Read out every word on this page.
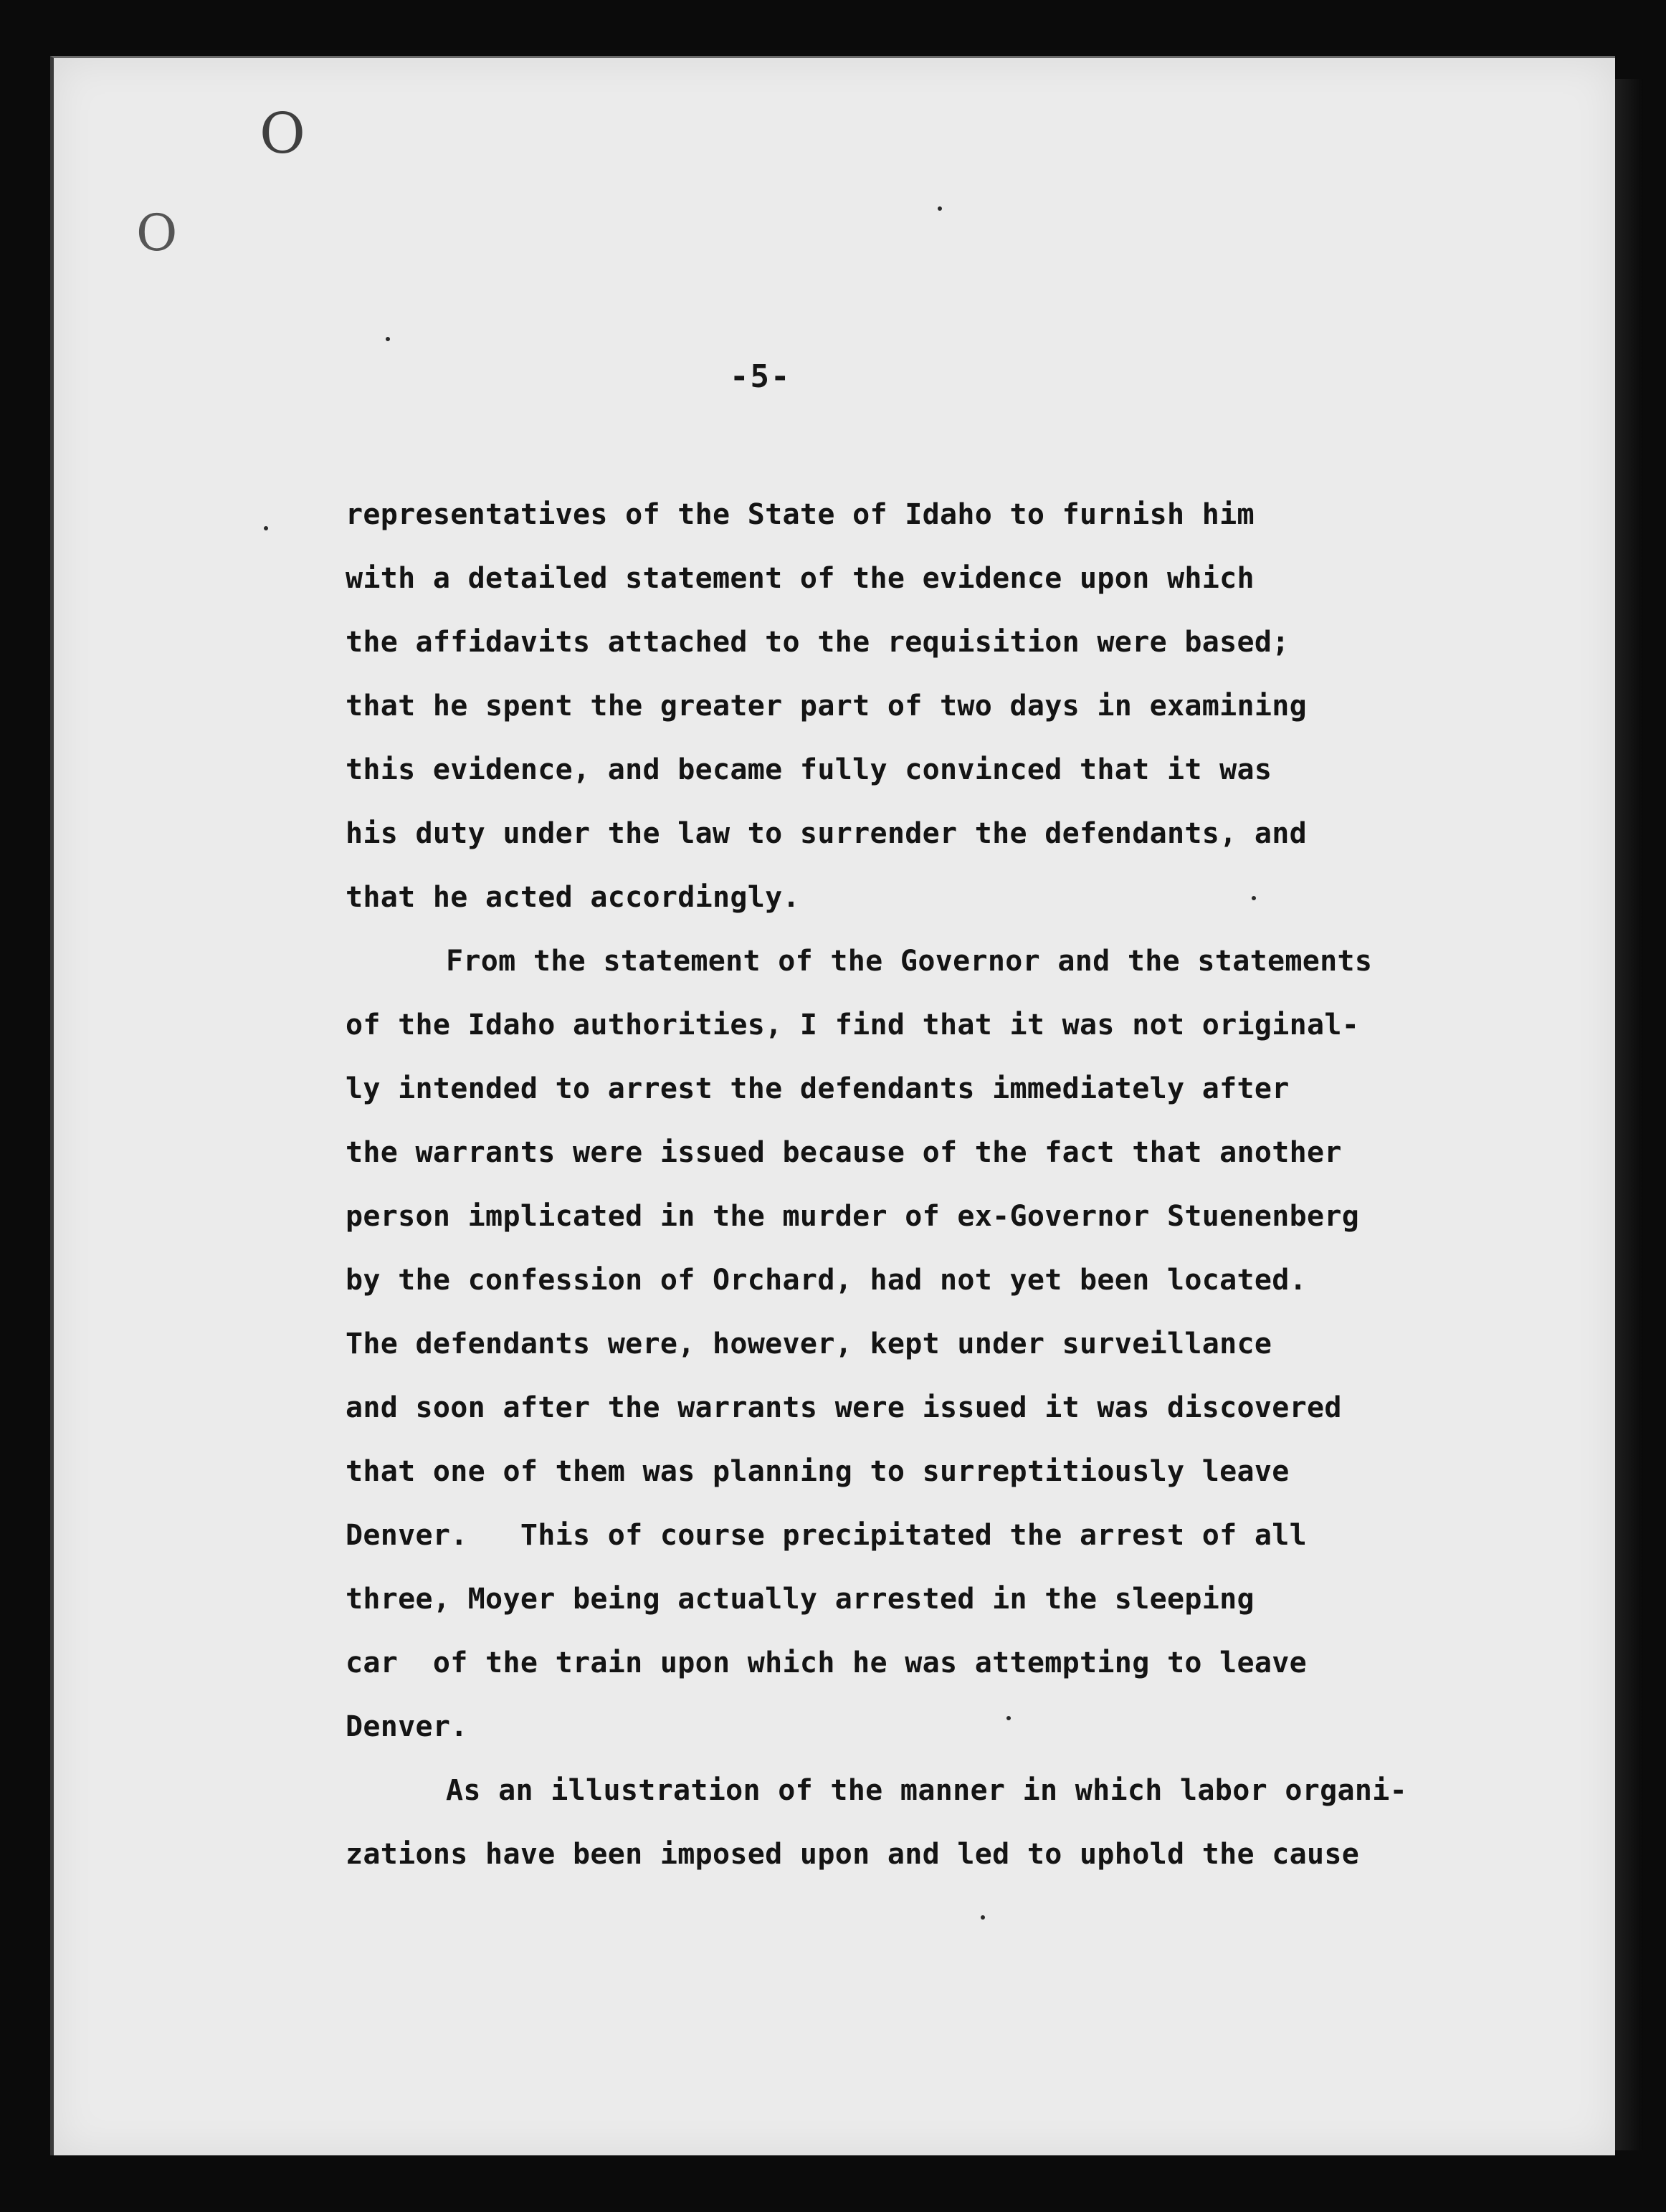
O
O
-5-
representatives of the State of Idaho to furnish him
with a detailed statement of the evidence upon which
the affidavits attached to the requisition were based;
that he spent the greater part of two days in examining
this evidence, and became fully convinced that it was
his duty under the law to surrender the defendants, and
that he acted accordingly.
From the statement of the Governor and the statements
of the Idaho authorities, I find that it was not original-
ly intended to arrest the defendants immediately after
the warrants were issued because of the fact that another
person implicated in the murder of ex-Governor Stuenenberg
by the confession of Orchard, had not yet been located.
The defendants were, however, kept under surveillance
and soon after the warrants were issued it was discovered
that one of them was planning to surreptitiously leave
Denver.   This of course precipitated the arrest of all
three, Moyer being actually arrested in the sleeping
car  of the train upon which he was attempting to leave
Denver.
As an illustration of the manner in which labor organi-
zations have been imposed upon and led to uphold the cause
